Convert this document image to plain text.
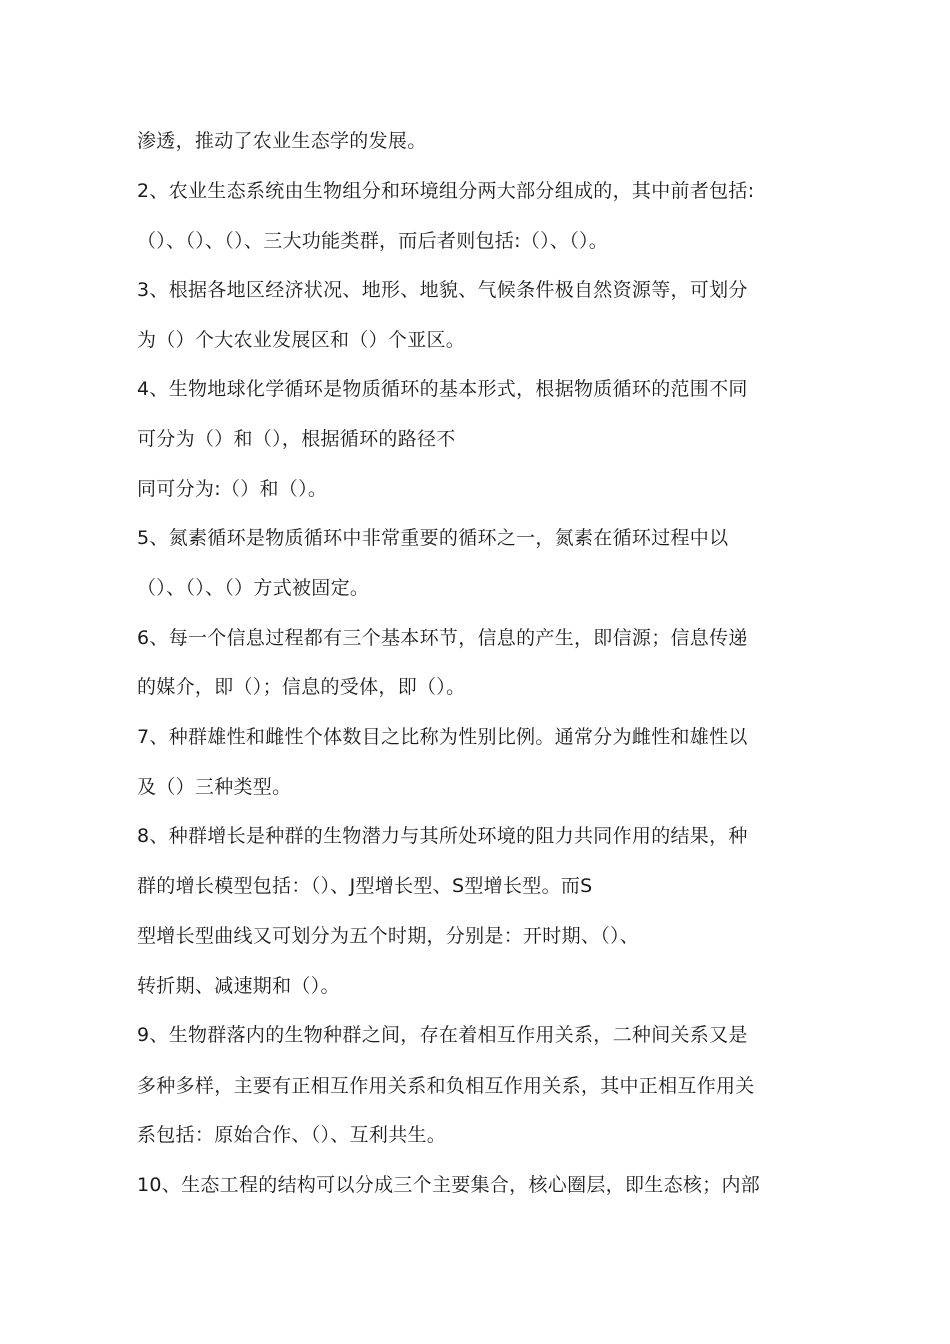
渗透，推动了农业生态学的发展。
2、农业生态系统由生物组分和环境组分两大部分组成的，其中前者包括:
（）、（）、（）、三大功能类群，而后者则包括:（）、（）。
3、根据各地区经济状况、地形、地貌、气候条件极自然资源等，可划分
为（）个大农业发展区和（）个亚区。
4、生物地球化学循环是物质循环的基本形式，根据物质循环的范围不同
可分为（）和（），根据循环的路径不
同可分为:（）和（）。
5、氮素循环是物质循环中非常重要的循环之一，氮素在循环过程中以
（）、（）、（）方式被固定。
6、每一个信息过程都有三个基本环节，信息的产生，即信源；信息传递
的媒介，即（）；信息的受体，即（）。
7、种群雄性和雌性个体数目之比称为性别比例。通常分为雌性和雄性以
及（）三种类型。
8、种群增长是种群的生物潜力与其所处环境的阻力共同作用的结果，种
群的增长模型包括：（）、J型增长型、S型增长型。而S
型增长型曲线又可划分为五个时期，分别是：开时期、（）、
转折期、减速期和（）。
9、生物群落内的生物种群之间，存在着相互作用关系，二种间关系又是
多种多样，主要有正相互作用关系和负相互作用关系，其中正相互作用关
系包括：原始合作、（）、互利共生。
10、生态工程的结构可以分成三个主要集合，核心圈层，即生态核；内部
